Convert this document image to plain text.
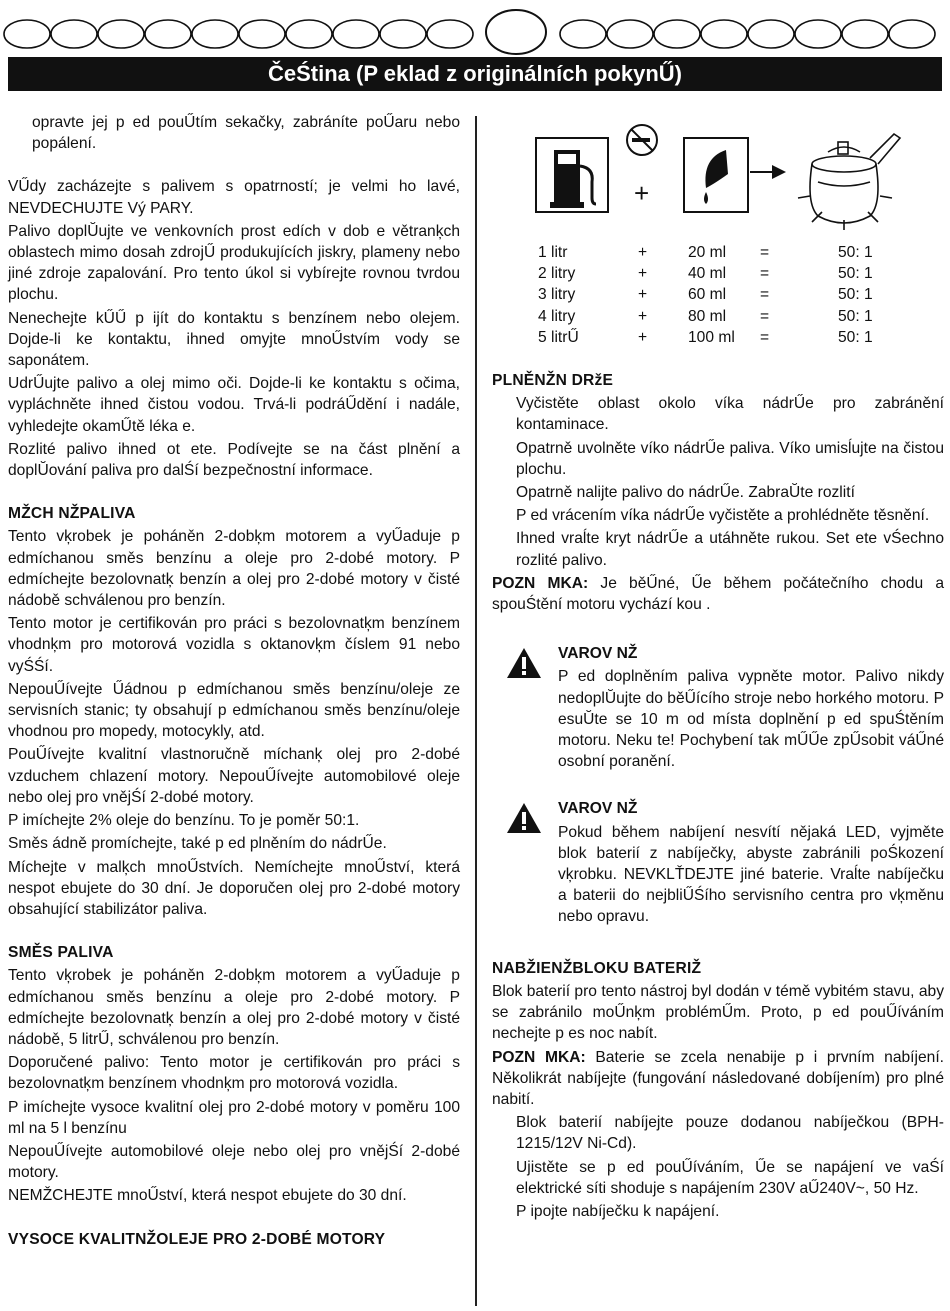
ČeŚtina (P eklad z originálních pokynŰ)

opravte jej p ed pouŰtím sekačky, zabráníte poŰaru nebo popálení.

VŰdy zacházejte s palivem s opatrností; je velmi ho lavé, NEVDECHUJTE Vý PARY.

Palivo doplŬujte ve venkovních prost edích v dob e větranķch oblastech mimo dosah zdrojŰ produkujících jiskry, plameny nebo jiné zdroje zapalování. Pro tento úkol si vybírejte rovnou tvrdou plochu.

Nenechejte kŰŰ p ijít do kontaktu s benzínem nebo olejem. Dojde-li ke kontaktu, ihned omyjte mnoŰstvím vody se saponátem.

UdrŰujte palivo a olej mimo oči. Dojde-li ke kontaktu s očima, vypláchněte ihned čistou vodou. Trvá-li podráŰdění i nadále, vyhledejte okamŰtě léka e.

Rozlité palivo ihned ot ete. Podívejte se na část plnění a doplŬování paliva pro dalŚí bezpečnostní informace.

MŽCH NŽPALIVA

Tento vķrobek je poháněn 2-dobķm motorem a vyŰaduje p edmíchanou směs benzínu a oleje pro 2-dobé motory. P edmíchejte bezolovnatķ benzín a olej pro 2-dobé motory v čisté nádobě schválenou pro benzín.

Tento motor je certifikován pro práci s bezolovnatķm benzínem vhodnķm pro motorová vozidla s oktanovķm číslem 91 nebo vyŚŚí.

NepouŰívejte Űádnou p edmíchanou směs benzínu/oleje ze servisních stanic; ty obsahují p edmíchanou směs benzínu/oleje vhodnou pro mopedy, motocykly, atd.

PouŰívejte kvalitní vlastnoručně míchanķ olej pro 2-dobé vzduchem chlazení motory. NepouŰívejte automobilové oleje nebo olej pro vnějŚí 2-dobé motory.

P imíchejte 2% oleje do benzínu. To je poměr 50:1.

Směs ádně promíchejte, také p ed plněním do nádrŰe.

Míchejte v malķch mnoŰstvích. Nemíchejte mnoŰství, která nespot ebujete do 30 dní. Je doporučen olej pro 2-dobé motory obsahující stabilizátor paliva.

SMĚS PALIVA

Tento vķrobek je poháněn 2-dobķm motorem a vyŰaduje p edmíchanou směs benzínu a oleje pro 2-dobé motory. P edmíchejte bezolovnatķ benzín a olej pro 2-dobé motory v čisté nádobě, 5 litrŰ, schválenou pro benzín.

Doporučené palivo: Tento motor je certifikován pro práci s bezolovnatķm benzínem vhodnķm pro motorová vozidla.

P imíchejte vysoce kvalitní olej pro 2-dobé motory v poměru 100 ml na 5 l benzínu

NepouŰívejte automobilové oleje nebo olej pro vnějŚí 2-dobé motory.

NEMŽCHEJTE mnoŰství, která nespot ebujete do 30 dní.

VYSOCE KVALITNŽOLEJE PRO 2-DOBÉ MOTORY
+
1 litr	+	20 ml	=	50: 1
2 litry	+	40 ml	=	50: 1
3 litry	+	60 ml	=	50: 1
4 litry	+	80 ml	=	50: 1
5 litrŰ	+	100 ml	=	50: 1
PLNĚNŽN DRžE

Vyčistěte oblast okolo víka nádrŰe pro zabránění kontaminace.

Opatrně uvolněte víko nádrŰe paliva. Víko umisĺujte na čistou plochu.

Opatrně nalijte palivo do nádrŰe. ZabraŬte rozlití

P ed vrácením víka nádrŰe vyčistěte a prohlédněte těsnění.

Ihned vraĺte kryt nádrŰe a utáhněte rukou. Set ete vŚechno rozlité palivo.

POZN MKA: Je běŰné, Űe během počátečního chodu a spouŚtění motoru vychází kou .

VAROV NŽ

P ed doplněním paliva vypněte motor. Palivo nikdy nedoplŬujte do běŰícího stroje nebo horkého motoru. P esuŬte se 10 m od místa doplnění p ed spuŚtěním motoru. Neku te! Pochybení tak mŰŰe zpŰsobit váŰné osobní poranění.

VAROV NŽ

Pokud během nabíjení nesvítí nějaká LED, vyjměte blok baterií z nabíječky, abyste zabránili poŚkození vķrobku. NEVKLŤDEJTE jiné baterie. Vraĺte nabíječku a baterii do nejbliŰŚího servisního centra pro vķměnu nebo opravu.

NABŽIENŽBLOKU BATERIŽ

Blok baterií pro tento nástroj byl dodán v témě vybitém stavu, aby se zabránilo moŰnķm problémŰm. Proto, p ed pouŰíváním nechejte p es noc nabít.

POZN MKA: Baterie se zcela nenabije p i prvním nabíjení. Několikrát nabíjejte (fungování následované dobíjením) pro plné nabití.

Blok baterií nabíjejte pouze dodanou nabíječkou (BPH-1215/12V Ni-Cd).

Ujistěte se p ed pouŰíváním, Űe se napájení ve vaŚí elektrické síti shoduje s napájením 230V aŰ240V~, 50 Hz.

P ipojte nabíječku k napájení.
